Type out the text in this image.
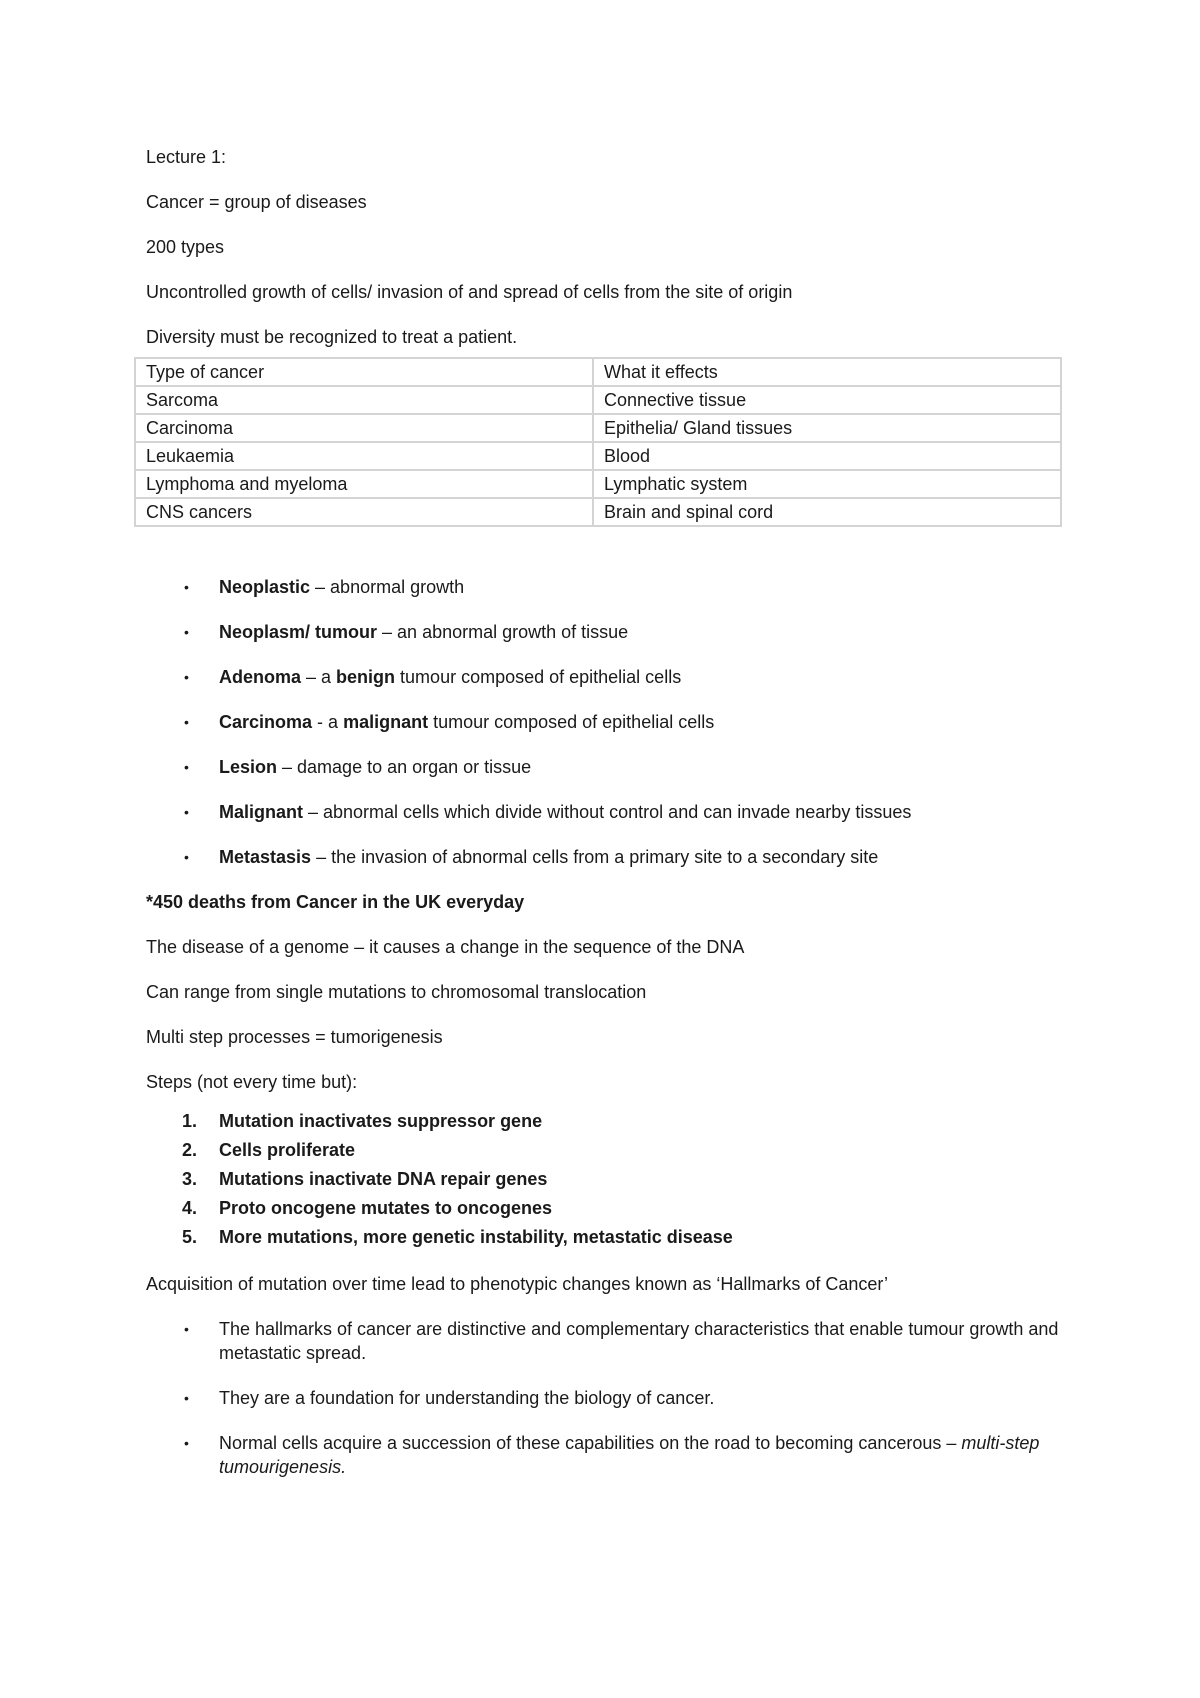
Lecture 1:

Cancer = group of diseases

200 types

Uncontrolled growth of cells/ invasion of and spread of cells from the site of origin

Diversity must be recognized to treat a patient.

Type of cancer	What it effects
Sarcoma	Connective tissue
Carcinoma	Epithelia/ Gland tissues
Leukaemia	Blood
Lymphoma and myeloma	Lymphatic system
CNS cancers	Brain and spinal cord
• Neoplastic – abnormal growth
• Neoplasm/ tumour – an abnormal growth of tissue
• Adenoma – a benign tumour composed of epithelial cells
• Carcinoma - a malignant tumour composed of epithelial cells
• Lesion – damage to an organ or tissue
• Malignant – abnormal cells which divide without control and can invade nearby tissues
• Metastasis – the invasion of abnormal cells from a primary site to a secondary site

*450 deaths from Cancer in the UK everyday

The disease of a genome – it causes a change in the sequence of the DNA

Can range from single mutations to chromosomal translocation

Multi step processes = tumorigenesis

Steps (not every time but):

1. Mutation inactivates suppressor gene
2. Cells proliferate
3. Mutations inactivate DNA repair genes
4. Proto oncogene mutates to oncogenes
5. More mutations, more genetic instability, metastatic disease

Acquisition of mutation over time lead to phenotypic changes known as ‘Hallmarks of Cancer’

• The hallmarks of cancer are distinctive and complementary characteristics that enable tumour growth and metastatic spread.
• They are a foundation for understanding the biology of cancer.
• Normal cells acquire a succession of these capabilities on the road to becoming cancerous – multi-step tumourigenesis.
